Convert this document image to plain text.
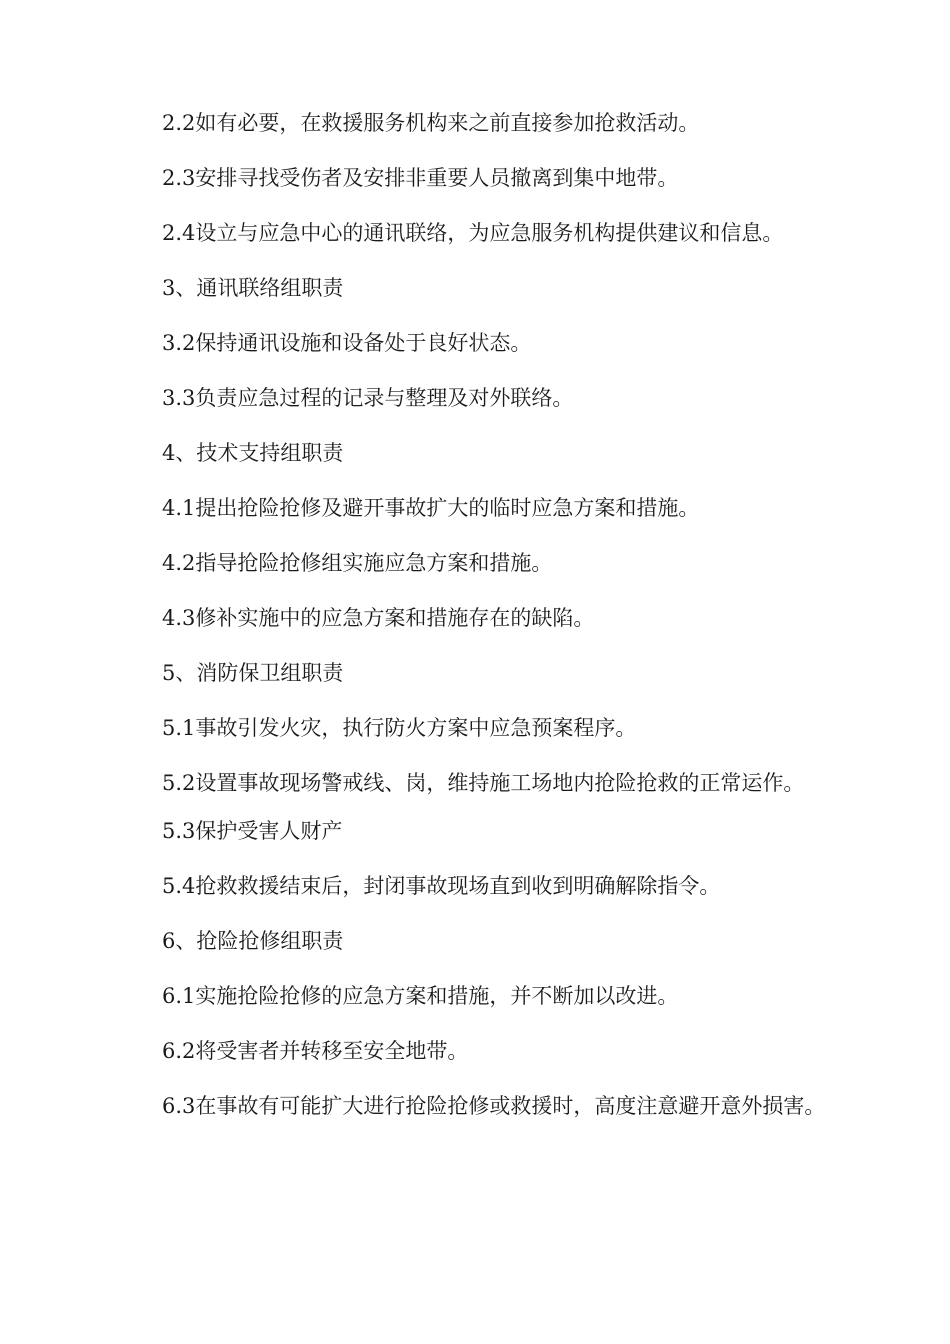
2.2如有必要，在救援服务机构来之前直接参加抢救活动。

2.3安排寻找受伤者及安排非重要人员撤离到集中地带。

2.4设立与应急中心的通讯联络，为应急服务机构提供建议和信息。

3、通讯联络组职责

3.2保持通讯设施和设备处于良好状态。

3.3负责应急过程的记录与整理及对外联络。

4、技术支持组职责

4.1提出抢险抢修及避开事故扩大的临时应急方案和措施。

4.2指导抢险抢修组实施应急方案和措施。

4.3修补实施中的应急方案和措施存在的缺陷。

5、消防保卫组职责

5.1事故引发火灾，执行防火方案中应急预案程序。

5.2设置事故现场警戒线、岗，维持施工场地内抢险抢救的正常运作。

5.3保护受害人财产

5.4抢救救援结束后，封闭事故现场直到收到明确解除指令。

6、抢险抢修组职责

6.1实施抢险抢修的应急方案和措施，并不断加以改进。

6.2将受害者并转移至安全地带。

6.3在事故有可能扩大进行抢险抢修或救援时，高度注意避开意外损害。
